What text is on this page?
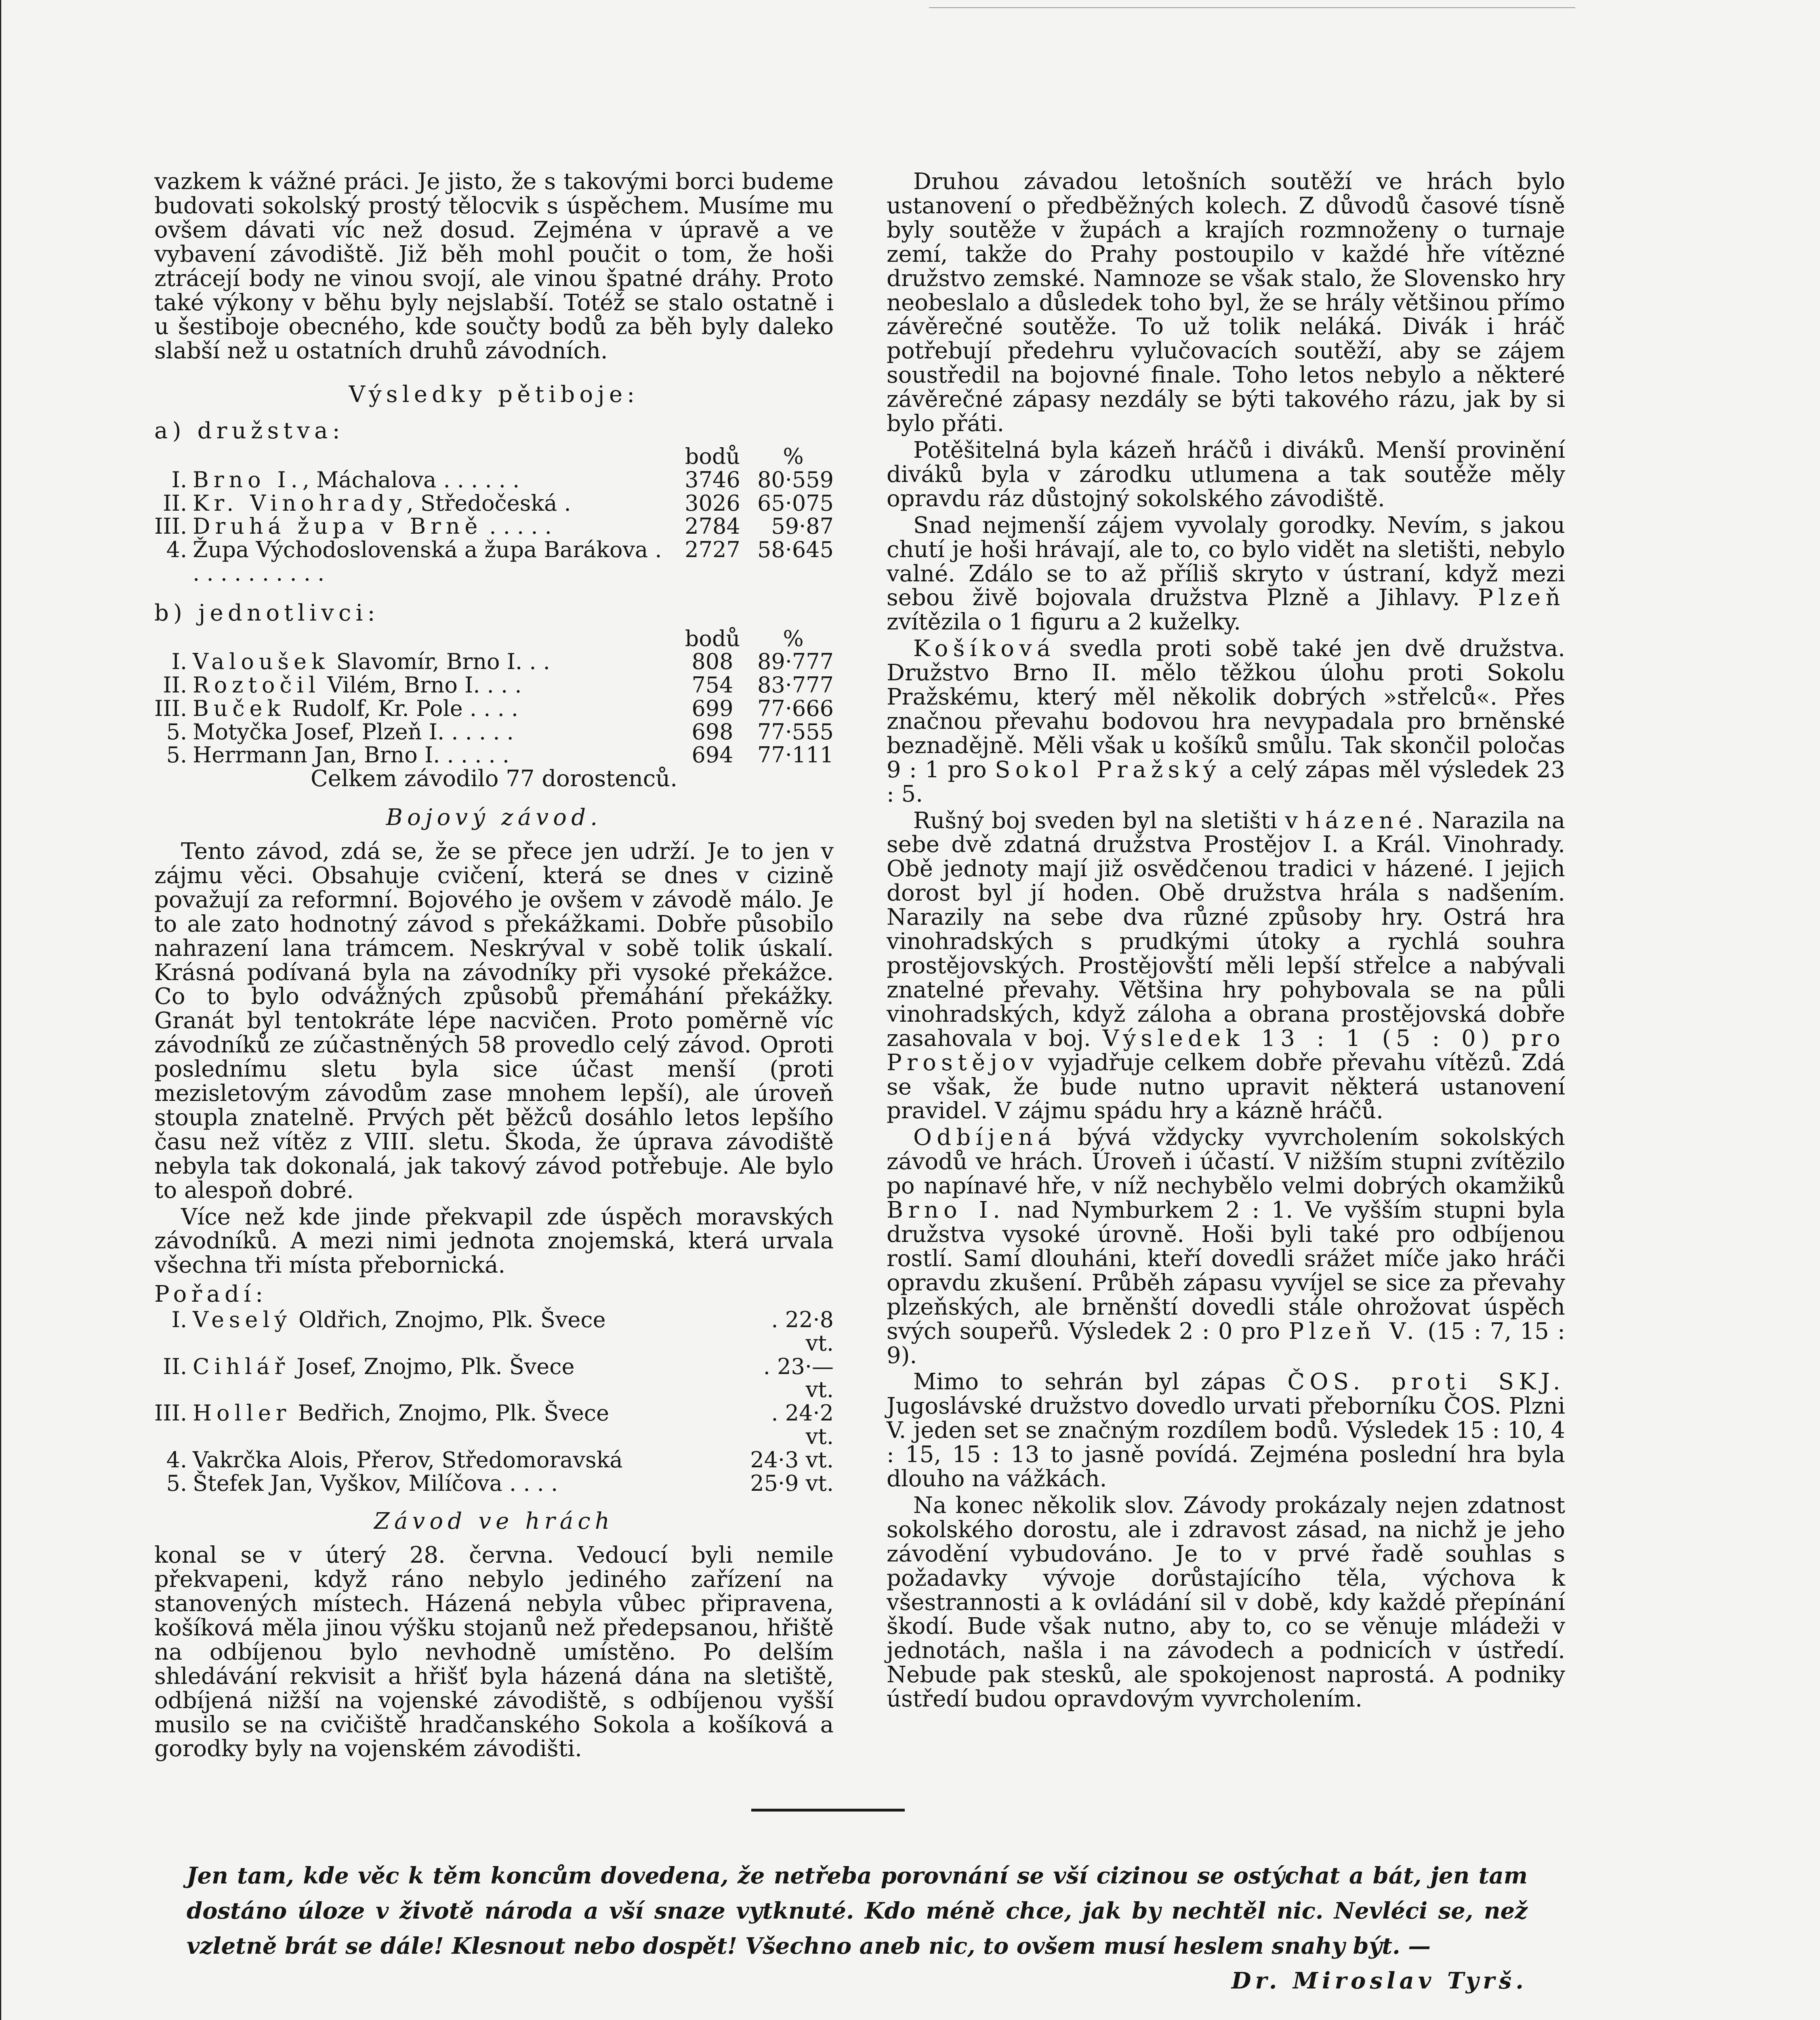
vazkem k vážné práci. Je jisto, že s takovými borci budeme budovati sokolský prostý tělocvik s úspěchem. Musíme mu ovšem dávati víc než dosud. Zejména v úpravě a ve vybavení závodiště. Již běh mohl poučit o tom, že hoši ztrácejí body ne vinou svojí, ale vinou špatné dráhy. Proto také výkony v běhu byly nejslabší. Totéž se stalo ostatně i u šestiboje obecného, kde součty bodů za běh byly daleko slabší než u ostatních druhů závodních.

Výsledky pětiboje:
a) družstva:
		bodů	%
I.	Brno I., Máchalova . . . . . .	3746	80·559
II.	Kr. Vinohrady, Středočeská .	3026	65·075
III.	Druhá župa v Brně . . . . .	2784	59·87
4.	Župa Východoslovenská a župa Barákova . . . . . . . . . . .	2727	58·645
b) jednotlivci:
		bodů	%
I.	Valoušek Slavomír, Brno I. . .	808	89·777
II.	Roztočil Vilém, Brno I. . . .	754	83·777
III.	Buček Rudolf, Kr. Pole . . . .	699	77·666
5.	Motyčka Josef, Plzeň I. . . . . .	698	77·555
5.	Herrmann Jan, Brno I. . . . . .	694	77·111
Celkem závodilo 77 dorostenců.
Bojový závod.

Tento závod, zdá se, že se přece jen udrží. Je to jen v zájmu věci. Obsahuje cvičení, která se dnes v cizině považují za reformní. Bojového je ovšem v závodě málo. Je to ale zato hodnotný závod s překážkami. Dobře působilo nahrazení lana trámcem. Neskrýval v sobě tolik úskalí. Krásná podívaná byla na závodníky při vysoké překážce. Co to bylo odvážných způsobů přemáhání překážky. Granát byl tentokráte lépe nacvičen. Proto poměrně víc závodníků ze zúčastněných 58 provedlo celý závod. Oproti poslednímu sletu byla sice účast menší (proti mezisletovým závodům zase mnohem lepší), ale úroveň stoupla znatelně. Prvých pět běžců dosáhlo letos lepšího času než vítěz z VIII. sletu. Škoda, že úprava závodiště nebyla tak dokonalá, jak takový závod potřebuje. Ale bylo to alespoň dobré.

Více než kde jinde překvapil zde úspěch moravských závodníků. A mezi nimi jednota znojemská, která urvala všechna tři místa přebornická.

Pořadí:
I.	Veselý Oldřich, Znojmo, Plk. Švece	. 22·8 vt.
II.	Cihlář Josef, Znojmo, Plk. Švece	. 23·— vt.
III.	Holler Bedřich, Znojmo, Plk. Švece	. 24·2 vt.
4.	Vakrčka Alois, Přerov, Středomoravská	24·3 vt.
5.	Štefek Jan, Vyškov, Milíčova . . . .	25·9 vt.
Závod ve hrách

konal se v úterý 28. června. Vedoucí byli nemile překvapeni, když ráno nebylo jediného zařízení na stanovených místech. Házená nebyla vůbec připravena, košíková měla jinou výšku stojanů než předepsanou, hřiště na odbíjenou bylo nevhodně umístěno. Po delším shledávání rekvisit a hřišť byla házená dána na sletiště, odbíjená nižší na vojenské závodiště, s odbíjenou vyšší musilo se na cvičiště hradčanského Sokola a košíková a gorodky byly na vojenském závodišti.

Druhou závadou letošních soutěží ve hrách bylo ustanovení o předběžných kolech. Z důvodů časové tísně byly soutěže v župách a krajích rozmnoženy o turnaje zemí, takže do Prahy postoupilo v každé hře vítězné družstvo zemské. Namnoze se však stalo, že Slovensko hry neobeslalo a důsledek toho byl, že se hrály většinou přímo závěrečné soutěže. To už tolik neláká. Divák i hráč potřebují předehru vylučovacích soutěží, aby se zájem soustředil na bojovné finale. Toho letos nebylo a některé závěrečné zápasy nezdály se býti takového rázu, jak by si bylo přáti.

Potěšitelná byla kázeň hráčů i diváků. Menší provinění diváků byla v zárodku utlumena a tak soutěže měly opravdu ráz důstojný sokolského závodiště.

Snad nejmenší zájem vyvolaly gorodky. Nevím, s jakou chutí je hoši hrávají, ale to, co bylo vidět na sletišti, nebylo valné. Zdálo se to až příliš skryto v ústraní, když mezi sebou živě bojovala družstva Plzně a Jihlavy. Plzeň zvítězila o 1 figuru a 2 kuželky.

Košíková svedla proti sobě také jen dvě družstva. Družstvo Brno II. mělo těžkou úlohu proti Sokolu Pražskému, který měl několik dobrých »střelců«. Přes značnou převahu bodovou hra nevypadala pro brněnské beznadějně. Měli však u košíků smůlu. Tak skončil poločas 9 : 1 pro Sokol Pražský a celý zápas měl výsledek 23 : 5.

Rušný boj sveden byl na sletišti v házené. Narazila na sebe dvě zdatná družstva Prostějov I. a Král. Vinohrady. Obě jednoty mají již osvědčenou tradici v házené. I jejich dorost byl jí hoden. Obě družstva hrála s nadšením. Narazily na sebe dva různé způsoby hry. Ostrá hra vinohradských s prudkými útoky a rychlá souhra prostějovských. Prostějovští měli lepší střelce a nabývali znatelné převahy. Většina hry pohybovala se na půli vinohradských, když záloha a obrana prostějovská dobře zasahovala v boj. Výsledek 13 : 1 (5 : 0) pro Prostějov vyjadřuje celkem dobře převahu vítězů. Zdá se však, že bude nutno upravit některá ustanovení pravidel. V zájmu spádu hry a kázně hráčů.

Odbíjená bývá vždycky vyvrcholením sokolských závodů ve hrách. Úroveň i účastí. V nižším stupni zvítězilo po napínavé hře, v níž nechybělo velmi dobrých okamžiků Brno I. nad Nymburkem 2 : 1. Ve vyšším stupni byla družstva vysoké úrovně. Hoši byli také pro odbíjenou rostlí. Samí dlouháni, kteří dovedli srážet míče jako hráči opravdu zkušení. Průběh zápasu vyvíjel se sice za převahy plzeňských, ale brněnští dovedli stále ohrožovat úspěch svých soupeřů. Výsledek 2 : 0 pro Plzeň V. (15 : 7, 15 : 9).

Mimo to sehrán byl zápas ČOS. proti SKJ. Jugoslávské družstvo dovedlo urvati přeborníku ČOS. Plzni V. jeden set se značným rozdílem bodů. Výsledek 15 : 10, 4 : 15, 15 : 13 to jasně povídá. Zejména poslední hra byla dlouho na vážkách.

Na konec několik slov. Závody prokázaly nejen zdatnost sokolského dorostu, ale i zdravost zásad, na nichž je jeho závodění vybudováno. Je to v prvé řadě souhlas s požadavky vývoje dorůstajícího těla, výchova k všestrannosti a k ovládání sil v době, kdy každé přepínání škodí. Bude však nutno, aby to, co se věnuje mládeži v jednotách, našla i na závodech a podnicích v ústředí. Nebude pak stesků, ale spokojenost naprostá. A podniky ústředí budou opravdovým vyvrcholením.

Jen tam, kde věc k těm koncům dovedena, že netřeba porovnání se vší cizinou se ostýchat a bát, jen tam dostáno úloze v životě národa a vší snaze vytknuté. Kdo méně chce, jak by nechtěl nic. Nevléci se, než vzletně brát se dále! Klesnout nebo dospět! Všechno aneb nic, to ovšem musí heslem snahy být. —
Dr. Miroslav Tyrš.
